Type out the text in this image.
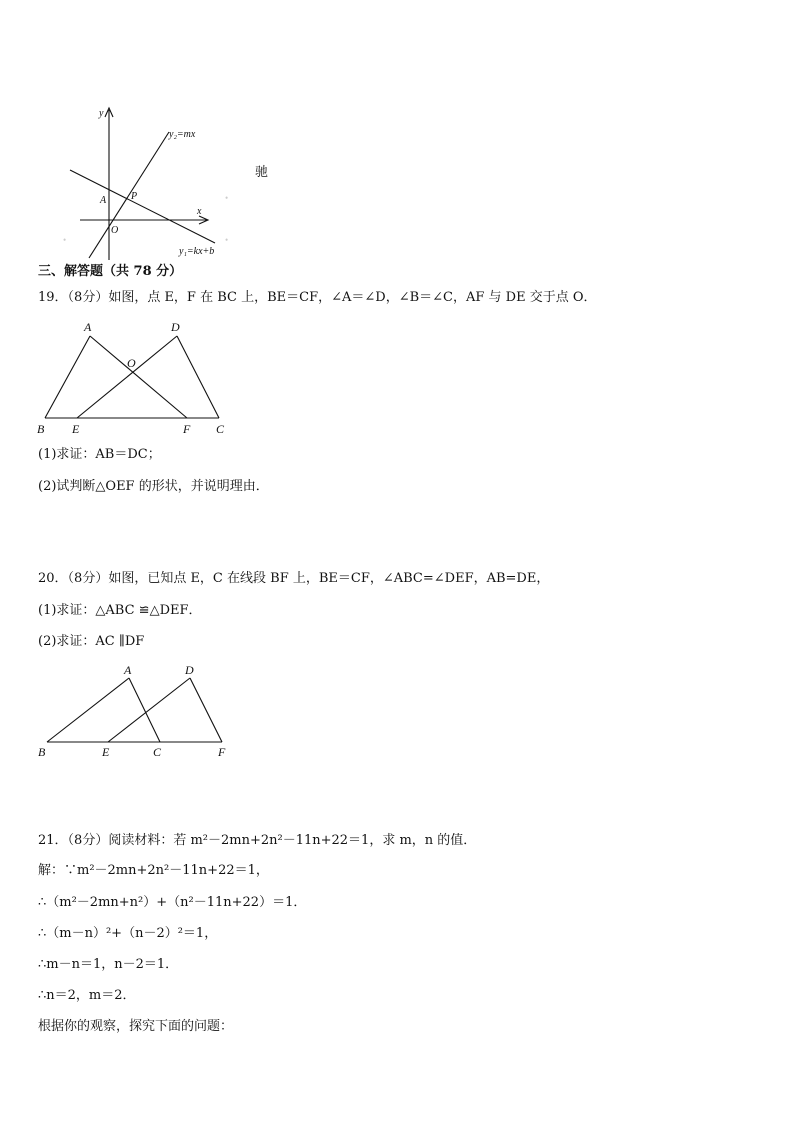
y
x
y₂=mx
y₁=kx+b
A P
O
驰
•
•
•
三、解答题（共 78 分）
19．（8分）如图，点 E，F 在 BC 上，BE＝CF，∠A＝∠D，∠B＝∠C，AF 与 DE 交于点 O．
A	D
O
B E	F C
(1)求证：AB＝DC；
(2)试判断△OEF 的形状，并说明理由．
20．（8分）如图，已知点 E，C 在线段 BF 上，BE＝CF，∠ABC=∠DEF，AB=DE，
(1)求证：△ABC ≌△DEF．
(2)求证：AC ∥DF
A	D
B	E	C	F
21．（8分）阅读材料：若 m²－2mn+2n²－11n+22＝1，求 m，n 的值．
解：∵m²－2mn+2n²－11n+22＝1，
∴（m²－2mn+n²）+（n²－11n+22）＝1．
∴（m－n）²+（n－2）²＝1，
∴m－n＝1，n－2＝1．
∴n＝2，m＝2．
根据你的观察，探究下面的问题：
